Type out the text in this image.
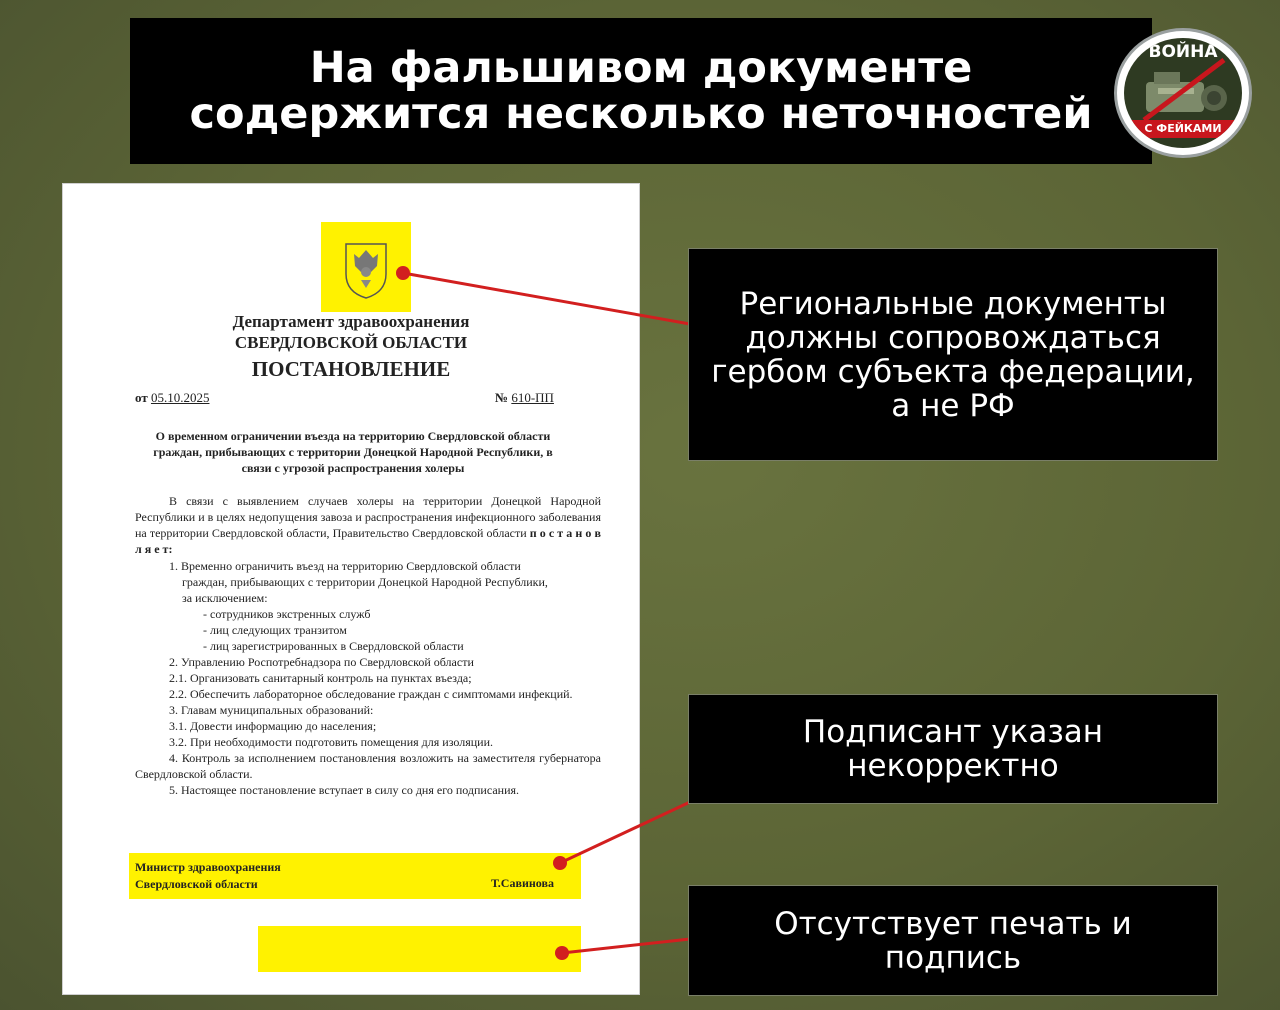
На фальшивом документе
содержится несколько неточностей
ВОЙНА
С ФЕЙКАМИ
Департамент здравоохранения
СВЕРДЛОВСКОЙ ОБЛАСТИ
ПОСТАНОВЛЕНИЕ
от 05.10.2025	№ 610-ПП
О временном ограничении въезда на территорию Свердловской области
граждан, прибывающих с территории Донецкой Народной Республики, в
связи с угрозой распространения холеры
В связи с выявлением случаев холеры на территории Донецкой Народной Республики и в целях недопущения завоза и распространения инфекционного заболевания на территории Свердловской области, Правительство Свердловской области п о с т а н о в л я е т:
1. Временно ограничить въезд на территорию Свердловской области
граждан, прибывающих с территории Донецкой Народной Республики,
за исключением:
- сотрудников экстренных служб
- лиц следующих транзитом
- лиц зарегистрированных в Свердловской области
2. Управлению Роспотребнадзора по Свердловской области
2.1. Организовать санитарный контроль на пунктах въезда;
2.2. Обеспечить лабораторное обследование граждан с симптомами инфекций.
3. Главам муниципальных образований:
3.1. Довести информацию до населения;
3.2. При необходимости подготовить помещения для изоляции.
4. Контроль за исполнением постановления возложить на заместителя губернатора Свердловской области.
5. Настоящее постановление вступает в силу со дня его подписания.
Министр здравоохранения
Свердловской области	Т.Савинова
Региональные документы должны сопровождаться гербом субъекта федерации, а не РФ
Подписант указан некорректно
Отсутствует печать и подпись
